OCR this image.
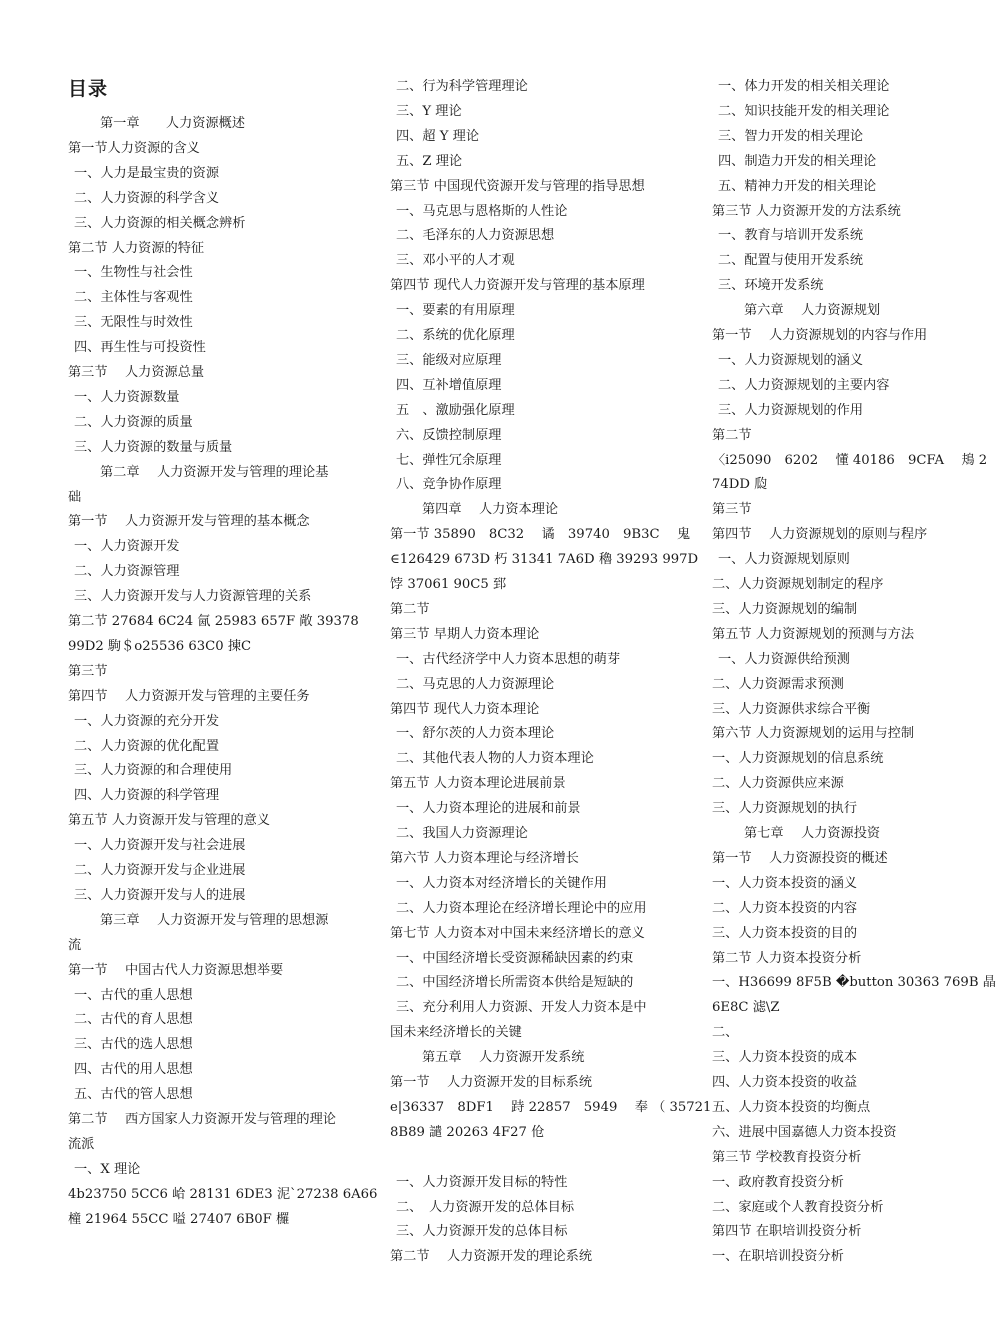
目录
第一章　　人力资源概述
第一节人力资源的含义
一、人力是最宝贵的资源
二、人力资源的科学含义
三、人力资源的相关概念辨析
第二节 人力资源的特征
一、生物性与社会性
二、主体性与客观性
三、无限性与时效性
四、再生性与可投资性
第三节　 人力资源总量
一、人力资源数量
二、人力资源的质量
三、人力资源的数量与质量
第二章　 人力资源开发与管理的理论基
础
第一节　 人力资源开发与管理的基本概念
一、人力资源开发
二、人力资源管理
三、人力资源开发与人力资源管理的关系
第二节 27684 6C24 氤 25983 657F 敞 39378
99D2 駒＄o25536 63C0 揀C
第三节
第四节　 人力资源开发与管理的主要任务
一、人力资源的充分开发
二、人力资源的优化配置
三、人力资源的和合理使用
四、人力资源的科学管理
第五节 人力资源开发与管理的意义
一、人力资源开发与社会进展
二、人力资源开发与企业进展
三、人力资源开发与人的进展
第三章　 人力资源开发与管理的思想源
流
第一节　 中国古代人力资源思想举要
一、古代的重人思想
二、古代的育人思想
三、古代的选人思想
四、古代的用人思想
五、古代的管人思想
第二节　 西方国家人力资源开发与管理的理论
流派
一、X 理论
4b23750 5CC6 峆 28131 6DE3 泥`27238 6A66
橦 21964 55CC 嗌 27407 6B0F 欏
二、行为科学管理理论
三、Y 理论
四、超 Y 理论
五、Z 理论
第三节 中国现代资源开发与管理的指导思想
一、马克思与恩格斯的人性论
二、毛泽东的人力资源思想
三、邓小平的人才观
第四节 现代人力资源开发与管理的基本原理
一、要素的有用原理
二、系统的优化原理
三、能级对应原理
四、互补增值原理
五　、激励强化原理
六、反馈控制原理
七、弹性冗余原理
八、竞争协作原理
第四章　 人力资本理论
第一节 35890　8C32　 谲　39740　9B3C　 鬼
∈126429 673D 朽 31341 7A6D 穭 39293 997D
饽 37061 90C5 郅
第二节
第三节 早期人力资本理论
一、古代经济学中人力资本思想的萌芽
二、马克思的人力资源理论
第四节 现代人力资本理论
一、舒尔茨的人力资本理论
二、其他代表人物的人力资本理论
第五节 人力资本理论进展前景
一、人力资本理论的进展和前景
二、我国人力资源理论
第六节 人力资本理论与经济增长
一、人力资本对经济增长的关键作用
二、人力资本理论在经济增长理论中的应用
第七节 人力资本对中国未来经济增长的意义
一、中国经济增长受资源稀缺因素的约束
二、中国经济增长所需资本供给是短缺的
三、充分利用人力资源、开发人力资本是中
国未来经济增长的关键
第五章　 人力资源开发系统
第一节　 人力资源开发的目标系统
e|36337　8DF1　 跱 22857　5949　 奉 （ 35721
8B89 譴 20263 4F27 伧
一、人力资源开发目标的特性
二、　人力资源开发的总体目标
三、人力资源开发的总体目标
第二节　 人力资源开发的理论系统
一、体力开发的相关相关理论
二、知识技能开发的相关理论
三、智力开发的相关理论
四、制造力开发的相关理论
五、精神力开发的相关理论
第三节 人力资源开发的方法系统
一、教育与培训开发系统
二、配置与使用开发系统
三、环境开发系统
第六章　 人力资源规划
第一节　 人力资源规划的内容与作用
一、人力资源规划的涵义
二、人力资源规划的主要内容
三、人力资源规划的作用
第二节
〈i25090　6202　 懂 40186　9CFA　 鳺 2
74DD 瓝
第三节
第四节　 人力资源规划的原则与程序
一、人力资源规划原则
二、人力资源规划制定的程序
三、人力资源规划的编制
第五节 人力资源规划的预测与方法
一、人力资源供给预测
二、人力资源需求预测
三、人力资源供求综合平衡
第六节 人力资源规划的运用与控制
一、人力资源规划的信息系统
二、人力资源供应来源
三、人力资源规划的执行
第七章　 人力资源投资
第一节　 人力资源投资的概述
一、人力资本投资的涵义
二、人力资本投资的内容
三、人力资本投资的目的
第二节 人力资本投资分析
一、H36699 8F5B �button 30363 769B 晶
6E8C 滤\Z
二、
三、人力资本投资的成本
四、人力资本投资的收益
五、人力资本投资的均衡点
六、进展中国嘉德人力资本投资
第三节 学校教育投资分析
一、政府教育投资分析
二、家庭或个人教育投资分析
第四节 在职培训投资分析
一、在职培训投资分析
